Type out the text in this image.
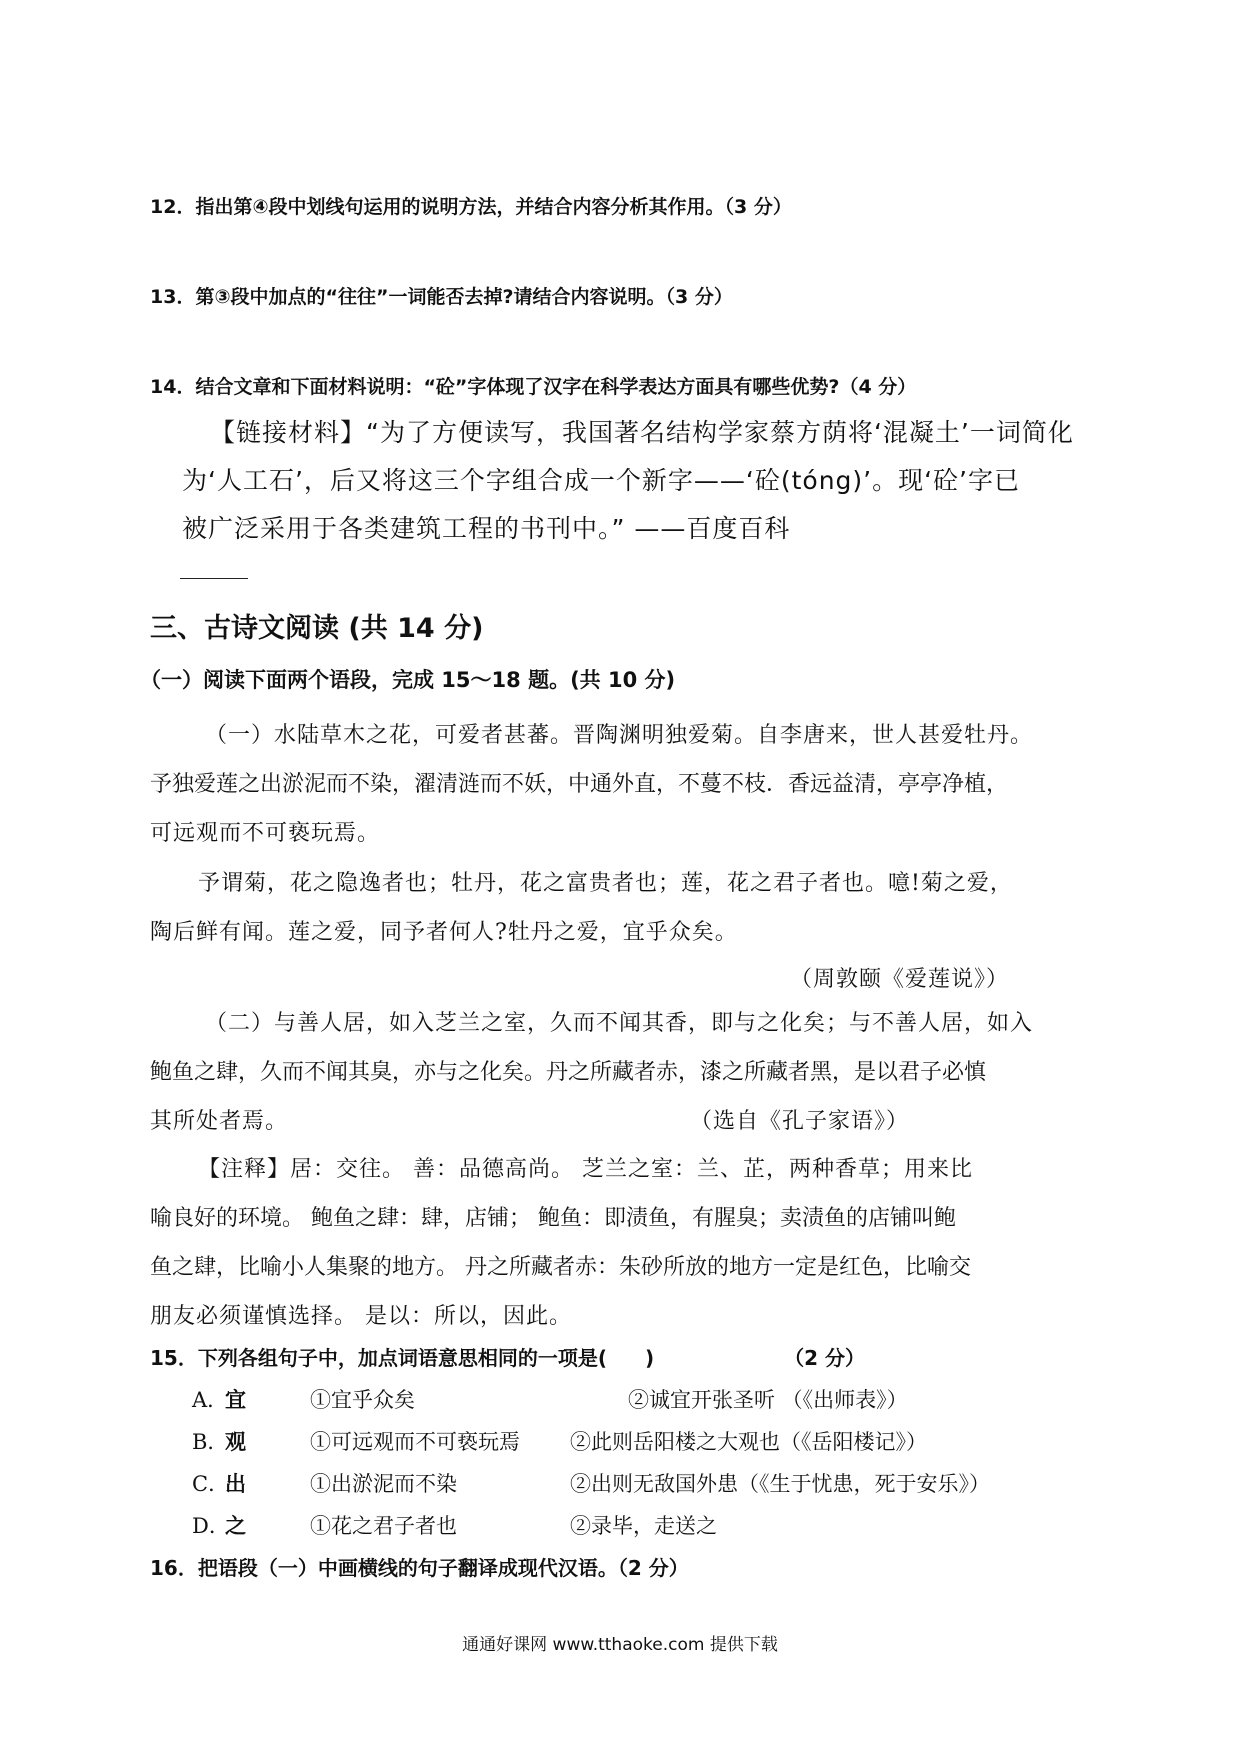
12．指出第④段中划线句运用的说明方法，并结合内容分析其作用。（3 分）
13．第③段中加点的“往往”一词能否去掉?请结合内容说明。（3 分）
14．结合文章和下面材料说明：“砼”字体现了汉字在科学表达方面具有哪些优势?（4 分）
【链接材料】“为了方便读写，我国著名结构学家蔡方荫将‘混凝土’一词简化
为‘人工石’，后又将这三个字组合成一个新字——‘砼(tóng)’。现‘砼’字已
被广泛采用于各类建筑工程的书刊中。” ——百度百科
三、古诗文阅读 (共 14 分)
（一）阅读下面两个语段，完成 15～18 题。(共 10 分)
（一）水陆草木之花，可爱者甚蕃。晋陶渊明独爱菊。自李唐来，世人甚爱牡丹。
予独爱莲之出淤泥而不染，濯清涟而不妖，中通外直，不蔓不枝．香远益清，亭亭净植，
可远观而不可亵玩焉。
予谓菊，花之隐逸者也；牡丹，花之富贵者也；莲，花之君子者也。噫!菊之爱，
陶后鲜有闻。莲之爱，同予者何人?牡丹之爱，宜乎众矣。
（周敦颐《爱莲说》）
（二）与善人居，如入芝兰之室，久而不闻其香，即与之化矣；与不善人居，如入
鲍鱼之肆，久而不闻其臭，亦与之化矣。丹之所藏者赤，漆之所藏者黑，是以君子必慎
其所处者焉。	（选自《孔子家语》）
【注释】居：交往。 善：品德高尚。 芝兰之室：兰、芷，两种香草；用来比
喻良好的环境。 鲍鱼之肆：肆，店铺； 鲍鱼：即渍鱼，有腥臭；卖渍鱼的店铺叫鲍
鱼之肆，比喻小人集聚的地方。 丹之所藏者赤：朱砂所放的地方一定是红色，比喻交
朋友必须谨慎选择。 是以：所以，因此。
15．下列各组句子中，加点词语意思相同的一项是( )	（2 分）
A．
宜	①宜乎众矣	②诚宜开张圣听 （《出师表》）
B．
观	①可远观而不可亵玩焉 ②此则岳阳楼之大观也（《岳阳楼记》）
C．
出	①出淤泥而不染	②出则无敌国外患（《生于忧患，死于安乐》）
D．
之	①花之君子者也	②录毕，走送之
16．把语段（一）中画横线的句子翻译成现代汉语。（2 分）
通通好课网 www.tthaoke.com 提供下载
